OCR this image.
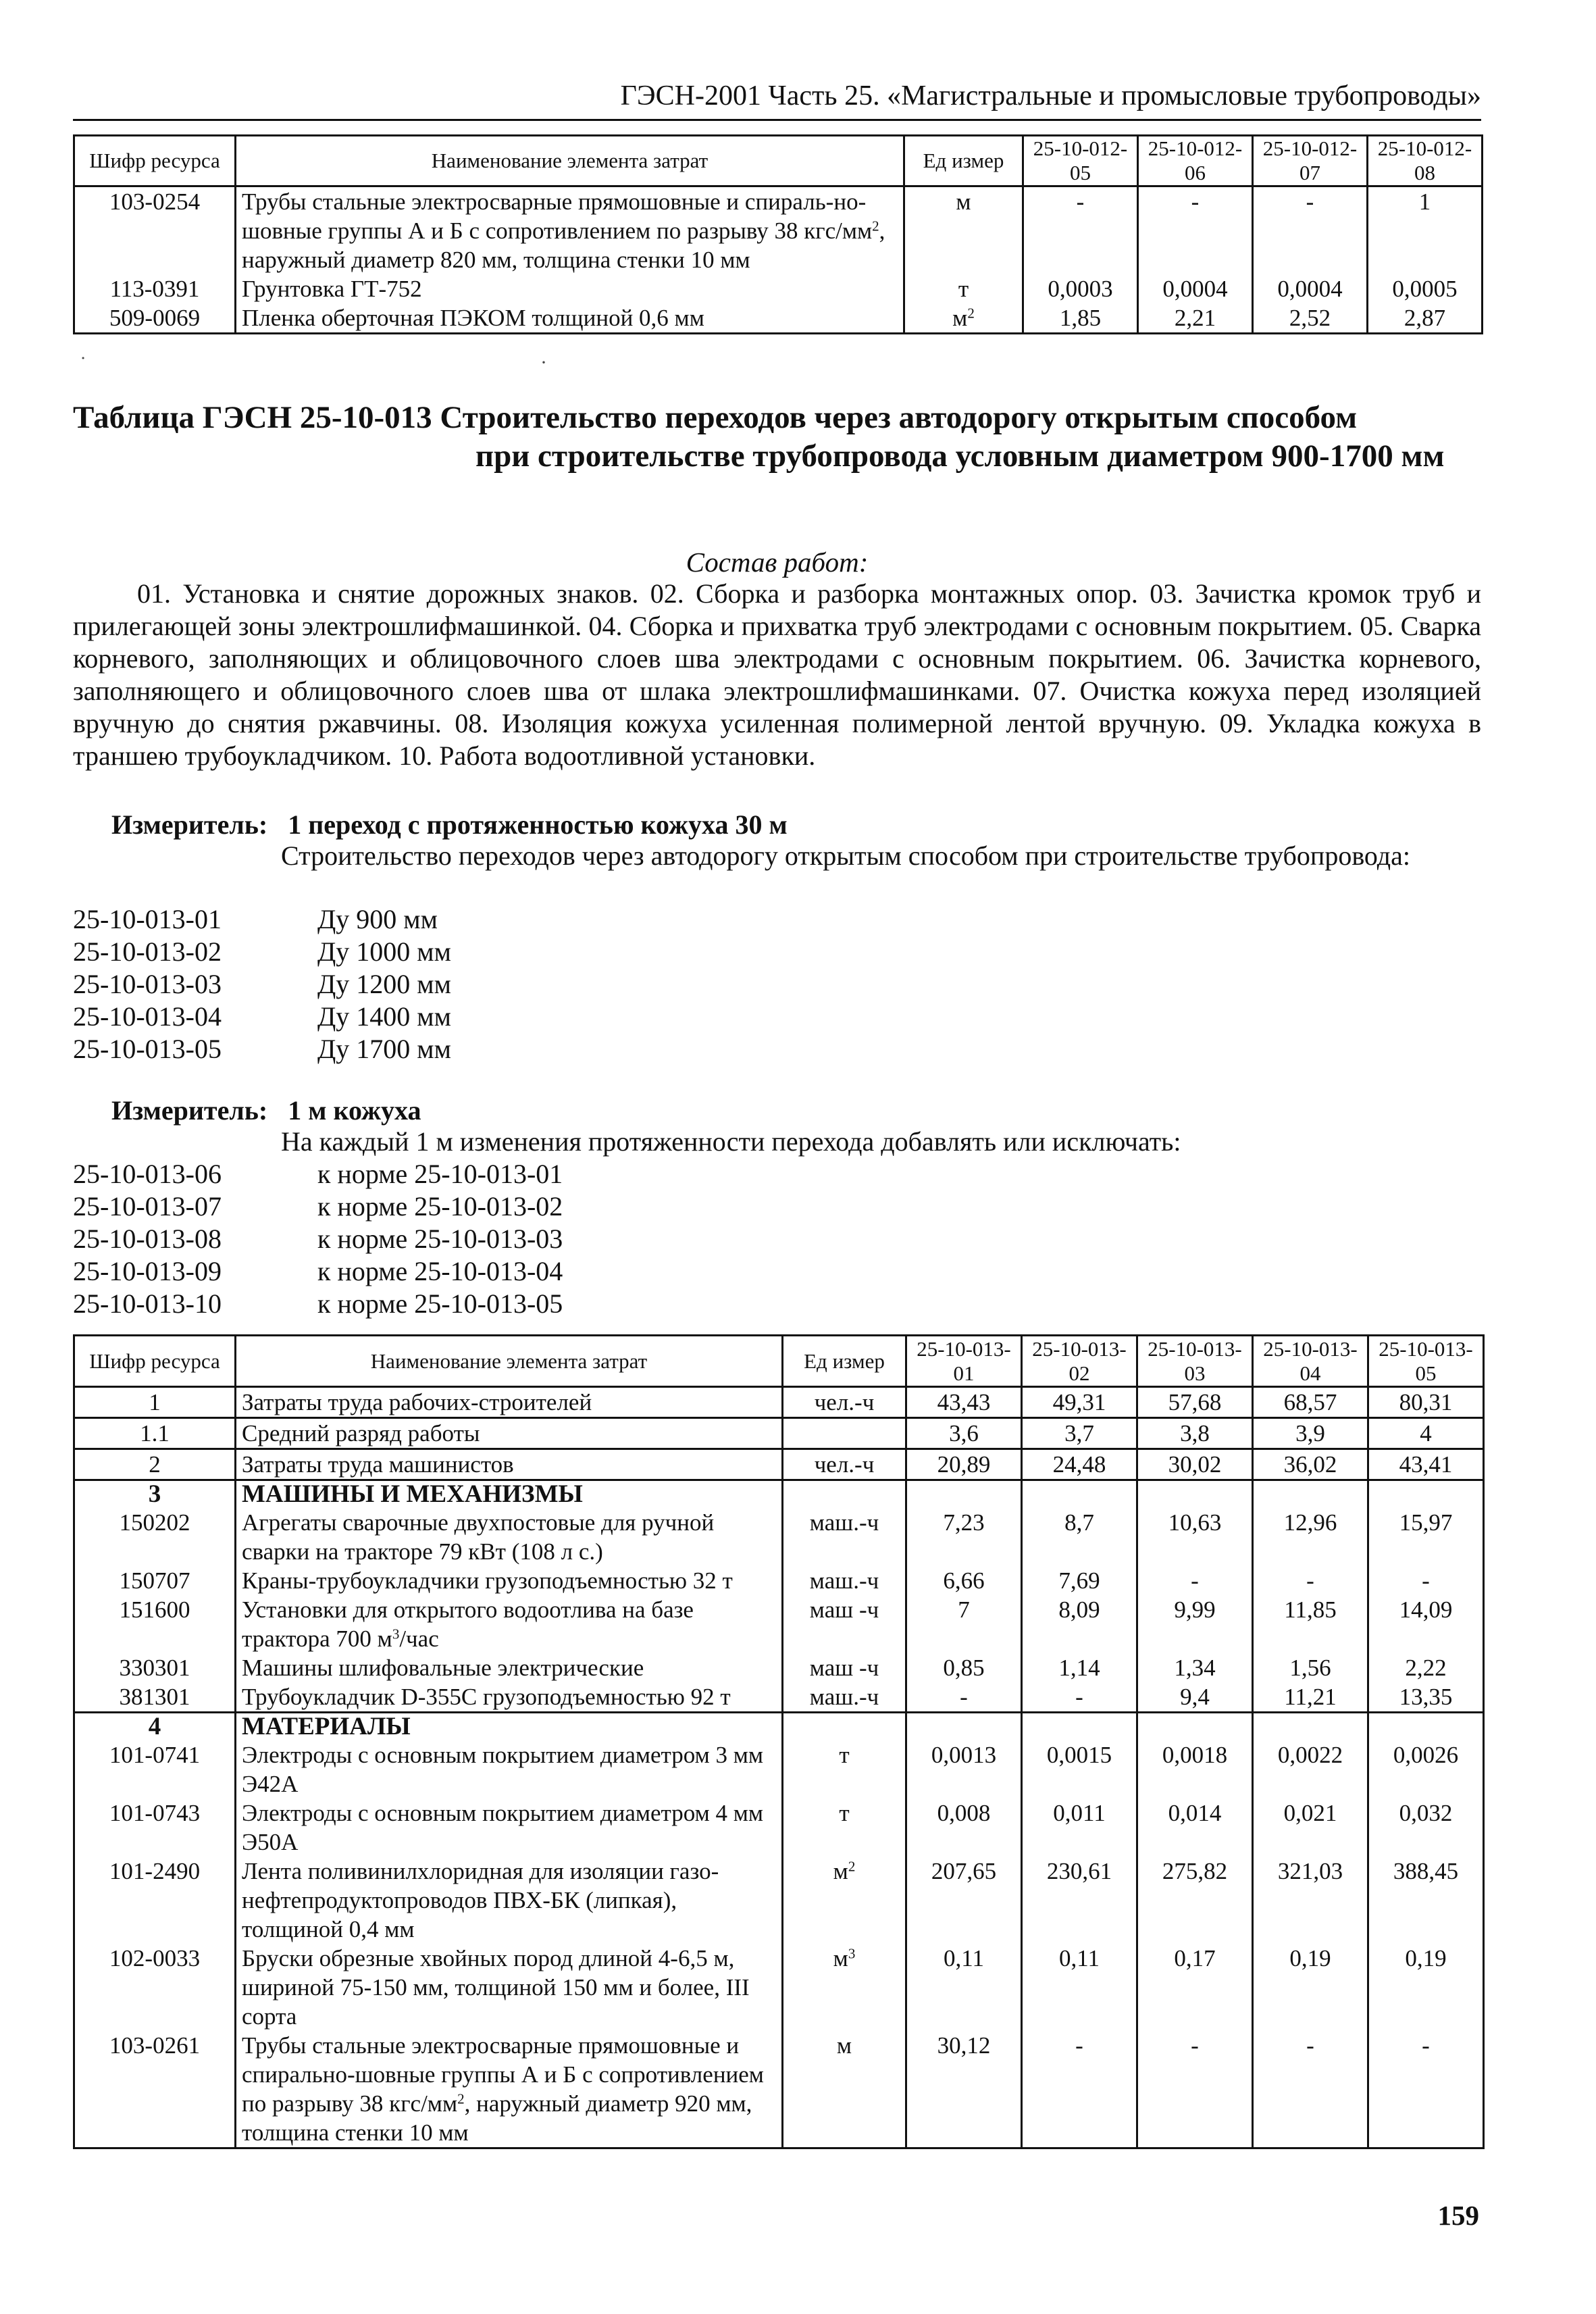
ГЭСН-2001 Часть 25. «Магистральные и промысловые трубопроводы»
Шифр ресурса	Наименование элемента затрат	Ед измер	25-10-012-05	25-10-012-06	25-10-012-07	25-10-012-08
103-0254	Трубы стальные электросварные прямошовные и спираль-но-шовные группы А и Б с сопротивлением по разрыву 38 кгс/$мм^2$, наружный диаметр 820 мм, толщина стенки 10 мм	м	-	-	-	1
113-0391	Грунтовка ГТ-752	т	0,0003	0,0004	0,0004	0,0005
509-0069	Пленка оберточная ПЭКОМ толщиной 0,6 мм	$м^2$	1,85	2,21	2,52	2,87
˙	·
Таблица ГЭСН 25-10-013 Строительство переходов через автодорогу открытым способом
при строительстве трубопровода условным диаметром 900-1700 мм
Состав работ:
01. Установка и снятие дорожных знаков. 02. Сборка и разборка монтажных опор. 03. Зачистка кромок труб и прилегающей зоны электрошлифмашинкой. 04. Сборка и прихватка труб электродами с основным покрытием. 05. Сварка корневого, заполняющих и облицовочного слоев шва электродами с основным покрытием. 06. Зачистка корневого, заполняющего и облицовочного слоев шва от шлака электрошлифмашинками. 07. Очистка кожуха перед изоляцией вручную до снятия ржавчины. 08. Изоляция кожуха усиленная полимерной лентой вручную. 09. Укладка кожуха в траншею трубоукладчиком. 10. Работа водоотливной установки.
Измеритель: 1 переход с протяженностью кожуха 30 м
Строительство переходов через автодорогу открытым способом при строительстве трубопровода:
25-10-013-01	Ду 900 мм
25-10-013-02	Ду 1000 мм
25-10-013-03	Ду 1200 мм
25-10-013-04	Ду 1400 мм
25-10-013-05	Ду 1700 мм
Измеритель: 1 м кожуха
На каждый 1 м изменения протяженности перехода добавлять или исключать:
25-10-013-06	к норме 25-10-013-01
25-10-013-07	к норме 25-10-013-02
25-10-013-08	к норме 25-10-013-03
25-10-013-09	к норме 25-10-013-04
25-10-013-10	к норме 25-10-013-05
Шифр ресурса	Наименование элемента затрат	Ед измер	25-10-013-01	25-10-013-02	25-10-013-03	25-10-013-04	25-10-013-05
1	Затраты труда рабочих-строителей	чел.-ч	43,43	49,31	57,68	68,57	80,31
1.1	Средний разряд работы		3,6	3,7	3,8	3,9	4
2	Затраты труда машинистов	чел.-ч	20,89	24,48	30,02	36,02	43,41
3	МАШИНЫ И МЕХАНИЗМЫ						
150202	Агрегаты сварочные двухпостовые для ручной сварки на тракторе 79 кВт (108 л с.)	маш.-ч	7,23	8,7	10,63	12,96	15,97
150707	Краны-трубоукладчики грузоподъемностью 32 т	маш.-ч	6,66	7,69	-	-	-
151600	Установки для открытого водоотлива на базе трактора 700 $м^3$/час	маш -ч	7	8,09	9,99	11,85	14,09
330301	Машины шлифовальные электрические	маш -ч	0,85	1,14	1,34	1,56	2,22
381301	Трубоукладчик D-355C грузоподъемностью 92 т	маш.-ч	-	-	9,4	11,21	13,35
4	МАТЕРИАЛЫ						
101-0741	Электроды с основным покрытием диаметром 3 мм Э42А	т	0,0013	0,0015	0,0018	0,0022	0,0026
101-0743	Электроды с основным покрытием диаметром 4 мм Э50А	т	0,008	0,011	0,014	0,021	0,032
101-2490	Лента поливинилхлоридная для изоляции газо-нефтепродуктопроводов ПВХ-БК (липкая), толщиной 0,4 мм	$м^2$	207,65	230,61	275,82	321,03	388,45
102-0033	Бруски обрезные хвойных пород длиной 4-6,5 м, шириной 75-150 мм, толщиной 150 мм и более, III сорта	$м^3$	0,11	0,11	0,17	0,19	0,19
103-0261	Трубы стальные электросварные прямошовные и спирально-шовные группы А и Б с сопротивлением по разрыву 38 кгс/$мм^2$, наружный диаметр 920 мм, толщина стенки 10 мм	м	30,12	-	-	-	-
159
